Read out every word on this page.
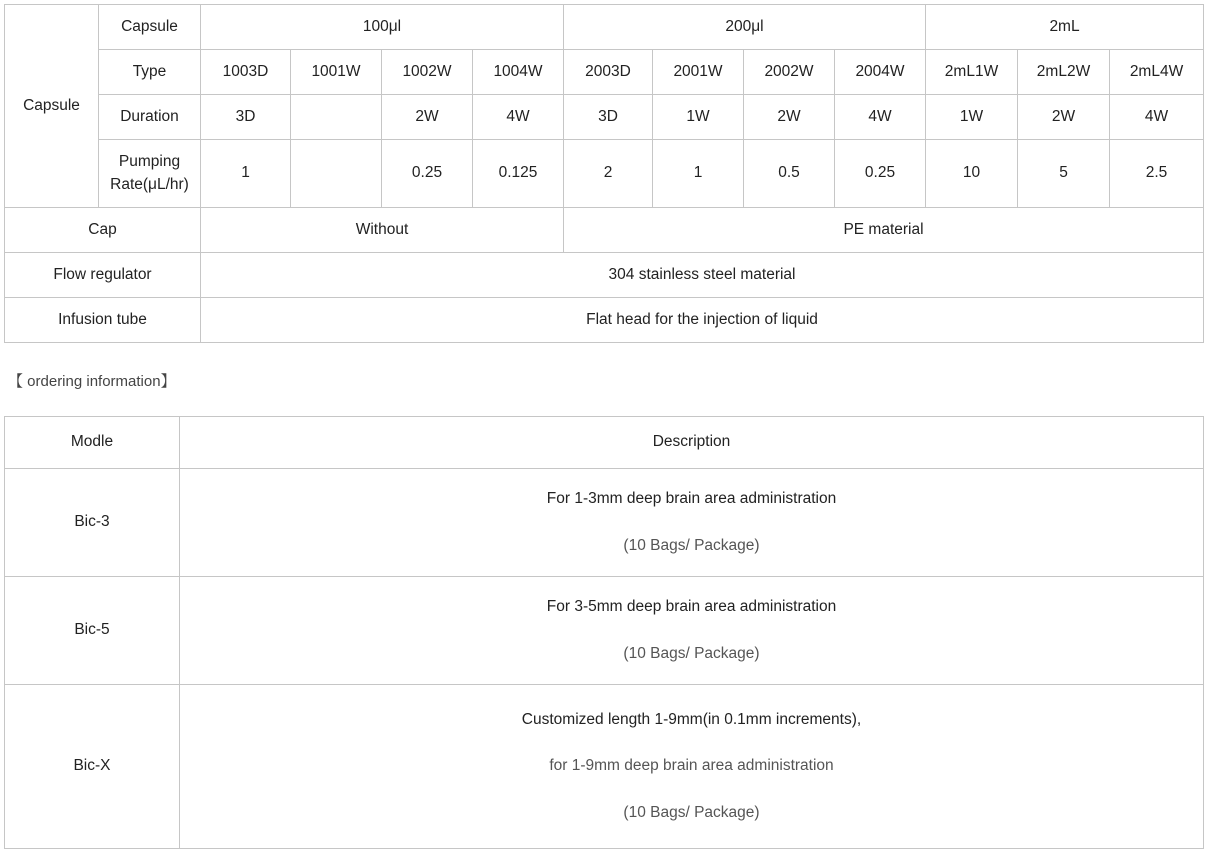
Capsule	Capsule	100μl				200μl				2mL		
	Type	1003D	1001W	1002W	1004W	2003D	2001W	2002W	2004W	2mL1W	2mL2W	2mL4W
	Duration	3D		2W	4W	3D	1W	2W	4W	1W	2W	4W

	Pumping
Rate(μL/hr)	1		0.25	0.125	2	1	0.5	0.25	10	5	2.5
Cap		Without				PE material						
Flow regulator		304 stainless steel material										
Infusion tube		Flat head for the injection of liquid										
【 ordering information】
Modle	Description
Bic-3	For 1-3mm deep brain area administration
(10 Bags/ Package)

Bic-5	For 3-5mm deep brain area administration
(10 Bags/ Package)

Bic-X	Customized length 1-9mm(in 0.1mm increments),
for 1-9mm deep brain area administration
(10 Bags/ Package)
